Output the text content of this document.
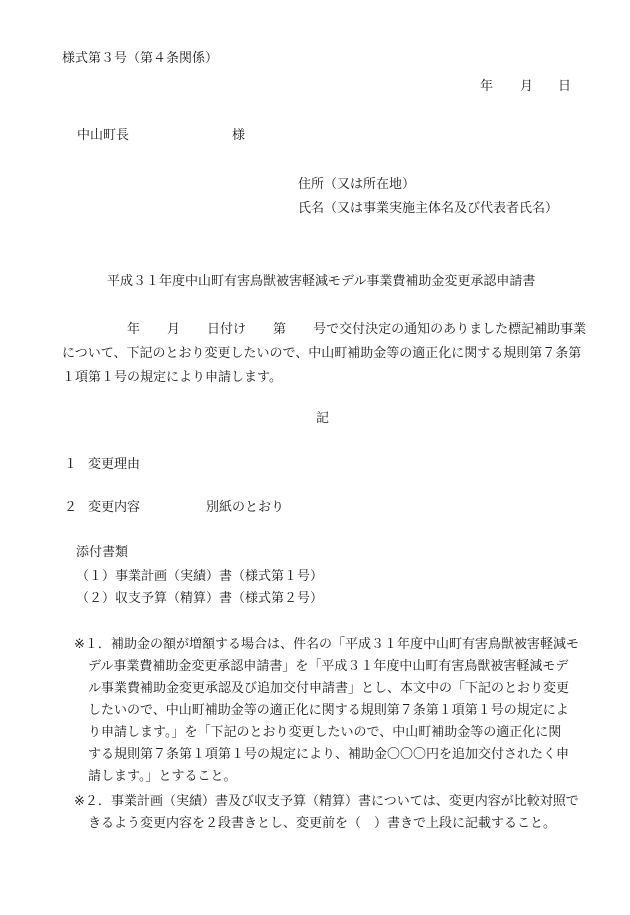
様式第３号（第４条関係）
年 月 日
中山町長	様
住所（又は所在地）
氏名（又は事業実施主体名及び代表者氏名）
平成３１年度中山町有害鳥獣被害軽減モデル事業費補助金変更承認申請書
年 月 日付け 第 号で交付決定の通知のありました標記補助事業
について、下記のとおり変更したいので、中山町補助金等の適正化に関する規則第７条第
１項第１号の規定により申請します。
記
１ 変更理由
２ 変更内容	別紙のとおり
添付書類
（１）事業計画（実績）書（様式第１号）
（２）収支予算（精算）書（様式第２号）
※１． 補助金の額が増額する場合は、件名の「平成３１年度中山町有害鳥獣被害軽減モ
デル事業費補助金変更承認申請書」を「平成３１年度中山町有害鳥獣被害軽減モデ
ル事業費補助金変更承認及び追加交付申請書」とし、本文中の「下記のとおり変更
したいので、中山町補助金等の適正化に関する規則第７条第１項第１号の規定によ
り申請します。」を「下記のとおり変更したいので、中山町補助金等の適正化に関
する規則第７条第１項第１号の規定により、補助金〇〇〇円を追加交付されたく申
請します。」とすること。
※２． 事業計画（実績）書及び収支予算（精算）書については、変更内容が比較対照で
きるよう変更内容を２段書きとし、変更前を（　）書きで上段に記載すること。
